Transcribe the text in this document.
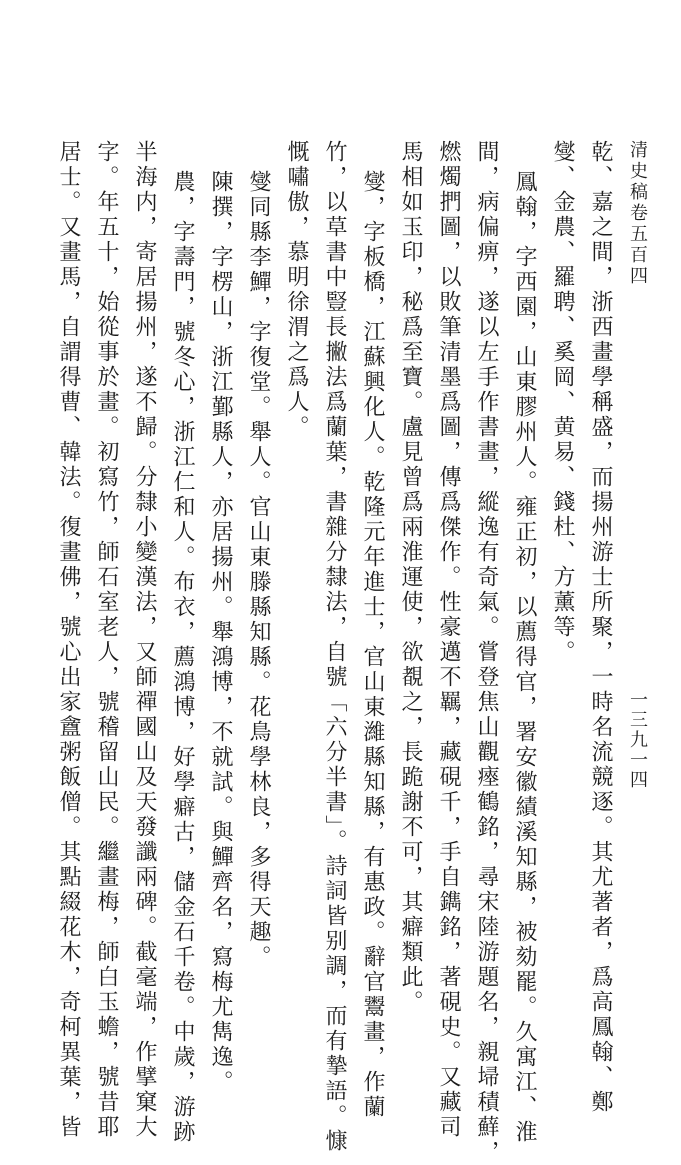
清史稿卷五百四
一三九一四
乾、嘉之間，浙西畫學稱盛，而揚州游士所聚，一時名流競逐。其尤著者，爲高鳳翰、鄭
燮、金農、羅聘、奚岡、黄易、錢杜、方薰等。
鳳翰，字西園，山東膠州人。雍正初，以薦得官，署安徽績溪知縣，被劾罷。久寓江、淮
間，病偏痹，遂以左手作書畫，縱逸有奇氣。嘗登焦山觀瘞鶴銘，尋宋陸游題名，親埽積蘚，
燃燭捫圖，以敗筆清墨爲圖，傳爲傑作。性豪邁不羈，藏硯千，手自鐫銘，著硯史。又藏司
馬相如玉印，秘爲至寶。盧見曾爲兩淮運使，欲覩之，長跪謝不可，其癖類此。
燮，字板橋，江蘇興化人。乾隆元年進士，官山東濰縣知縣，有惠政。辭官鬻畫，作蘭
竹，以草書中豎長撇法爲蘭葉，書雜分隸法，自號「六分半書」。詩詞皆别調，而有摯語。慷
慨嘯傲，慕明徐渭之爲人。
燮同縣李鱓，字復堂。舉人。官山東滕縣知縣。花鳥學林良，多得天趣。
陳撰，字楞山，浙江鄞縣人，亦居揚州。舉鴻博，不就試。與鱓齊名，寫梅尤雋逸。
農，字壽門，號冬心，浙江仁和人。布衣，薦鴻博，好學癖古，儲金石千卷。中歲，游跡
半海内，寄居揚州，遂不歸。分隸小變漢法，又師禪國山及天發讖兩碑。截毫端，作擘窠大
字。年五十，始從事於畫。初寫竹，師石室老人，號稽留山民。繼畫梅，師白玉蟾，號昔耶
居士。又畫馬，自謂得曹、韓法。復畫佛，號心出家盦粥飯僧。其點綴花木，奇柯異葉，皆
